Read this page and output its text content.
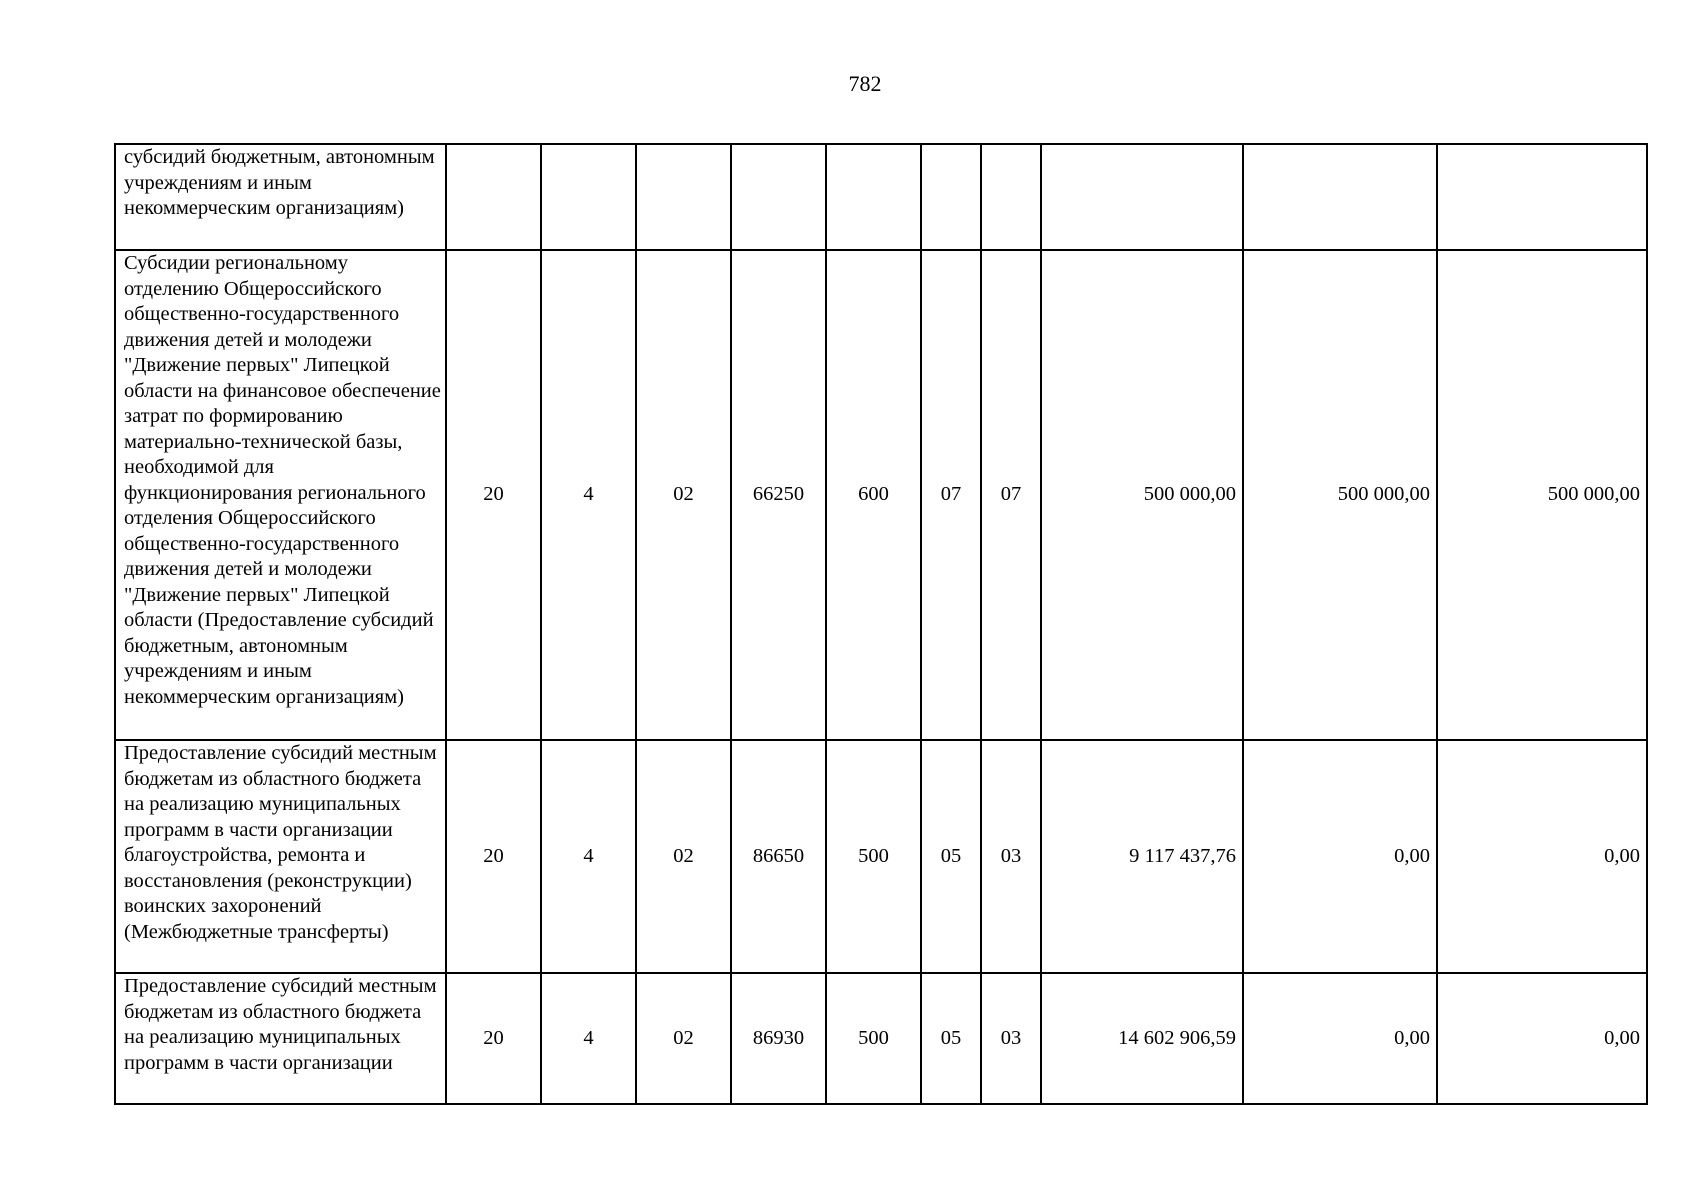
782
субсидий бюджетным, автономным учреждениям и иным некоммерческим организациям)										
Субсидии региональному отделению Общероссийского общественно-государственного движения детей и молодежи "Движение первых" Липецкой области на финансовое обеспечение затрат по формированию материально-технической базы, необходимой для функционирования регионального отделения Общероссийского общественно-государственного движения детей и молодежи "Движение первых" Липецкой области (Предоставление субсидий бюджетным, автономным учреждениям и иным некоммерческим организациям)	20	4	02	66250	600	07	07	500 000,00	500 000,00	500 000,00
Предоставление субсидий местным бюджетам из областного бюджета на реализацию муниципальных программ в части организации благоустройства, ремонта и восстановления (реконструкции) воинских захоронений (Межбюджетные трансферты)	20	4	02	86650	500	05	03	9 117 437,76	0,00	0,00
Предоставление субсидий местным бюджетам из областного бюджета на реализацию муниципальных программ в части организации	20	4	02	86930	500	05	03	14 602 906,59	0,00	0,00
